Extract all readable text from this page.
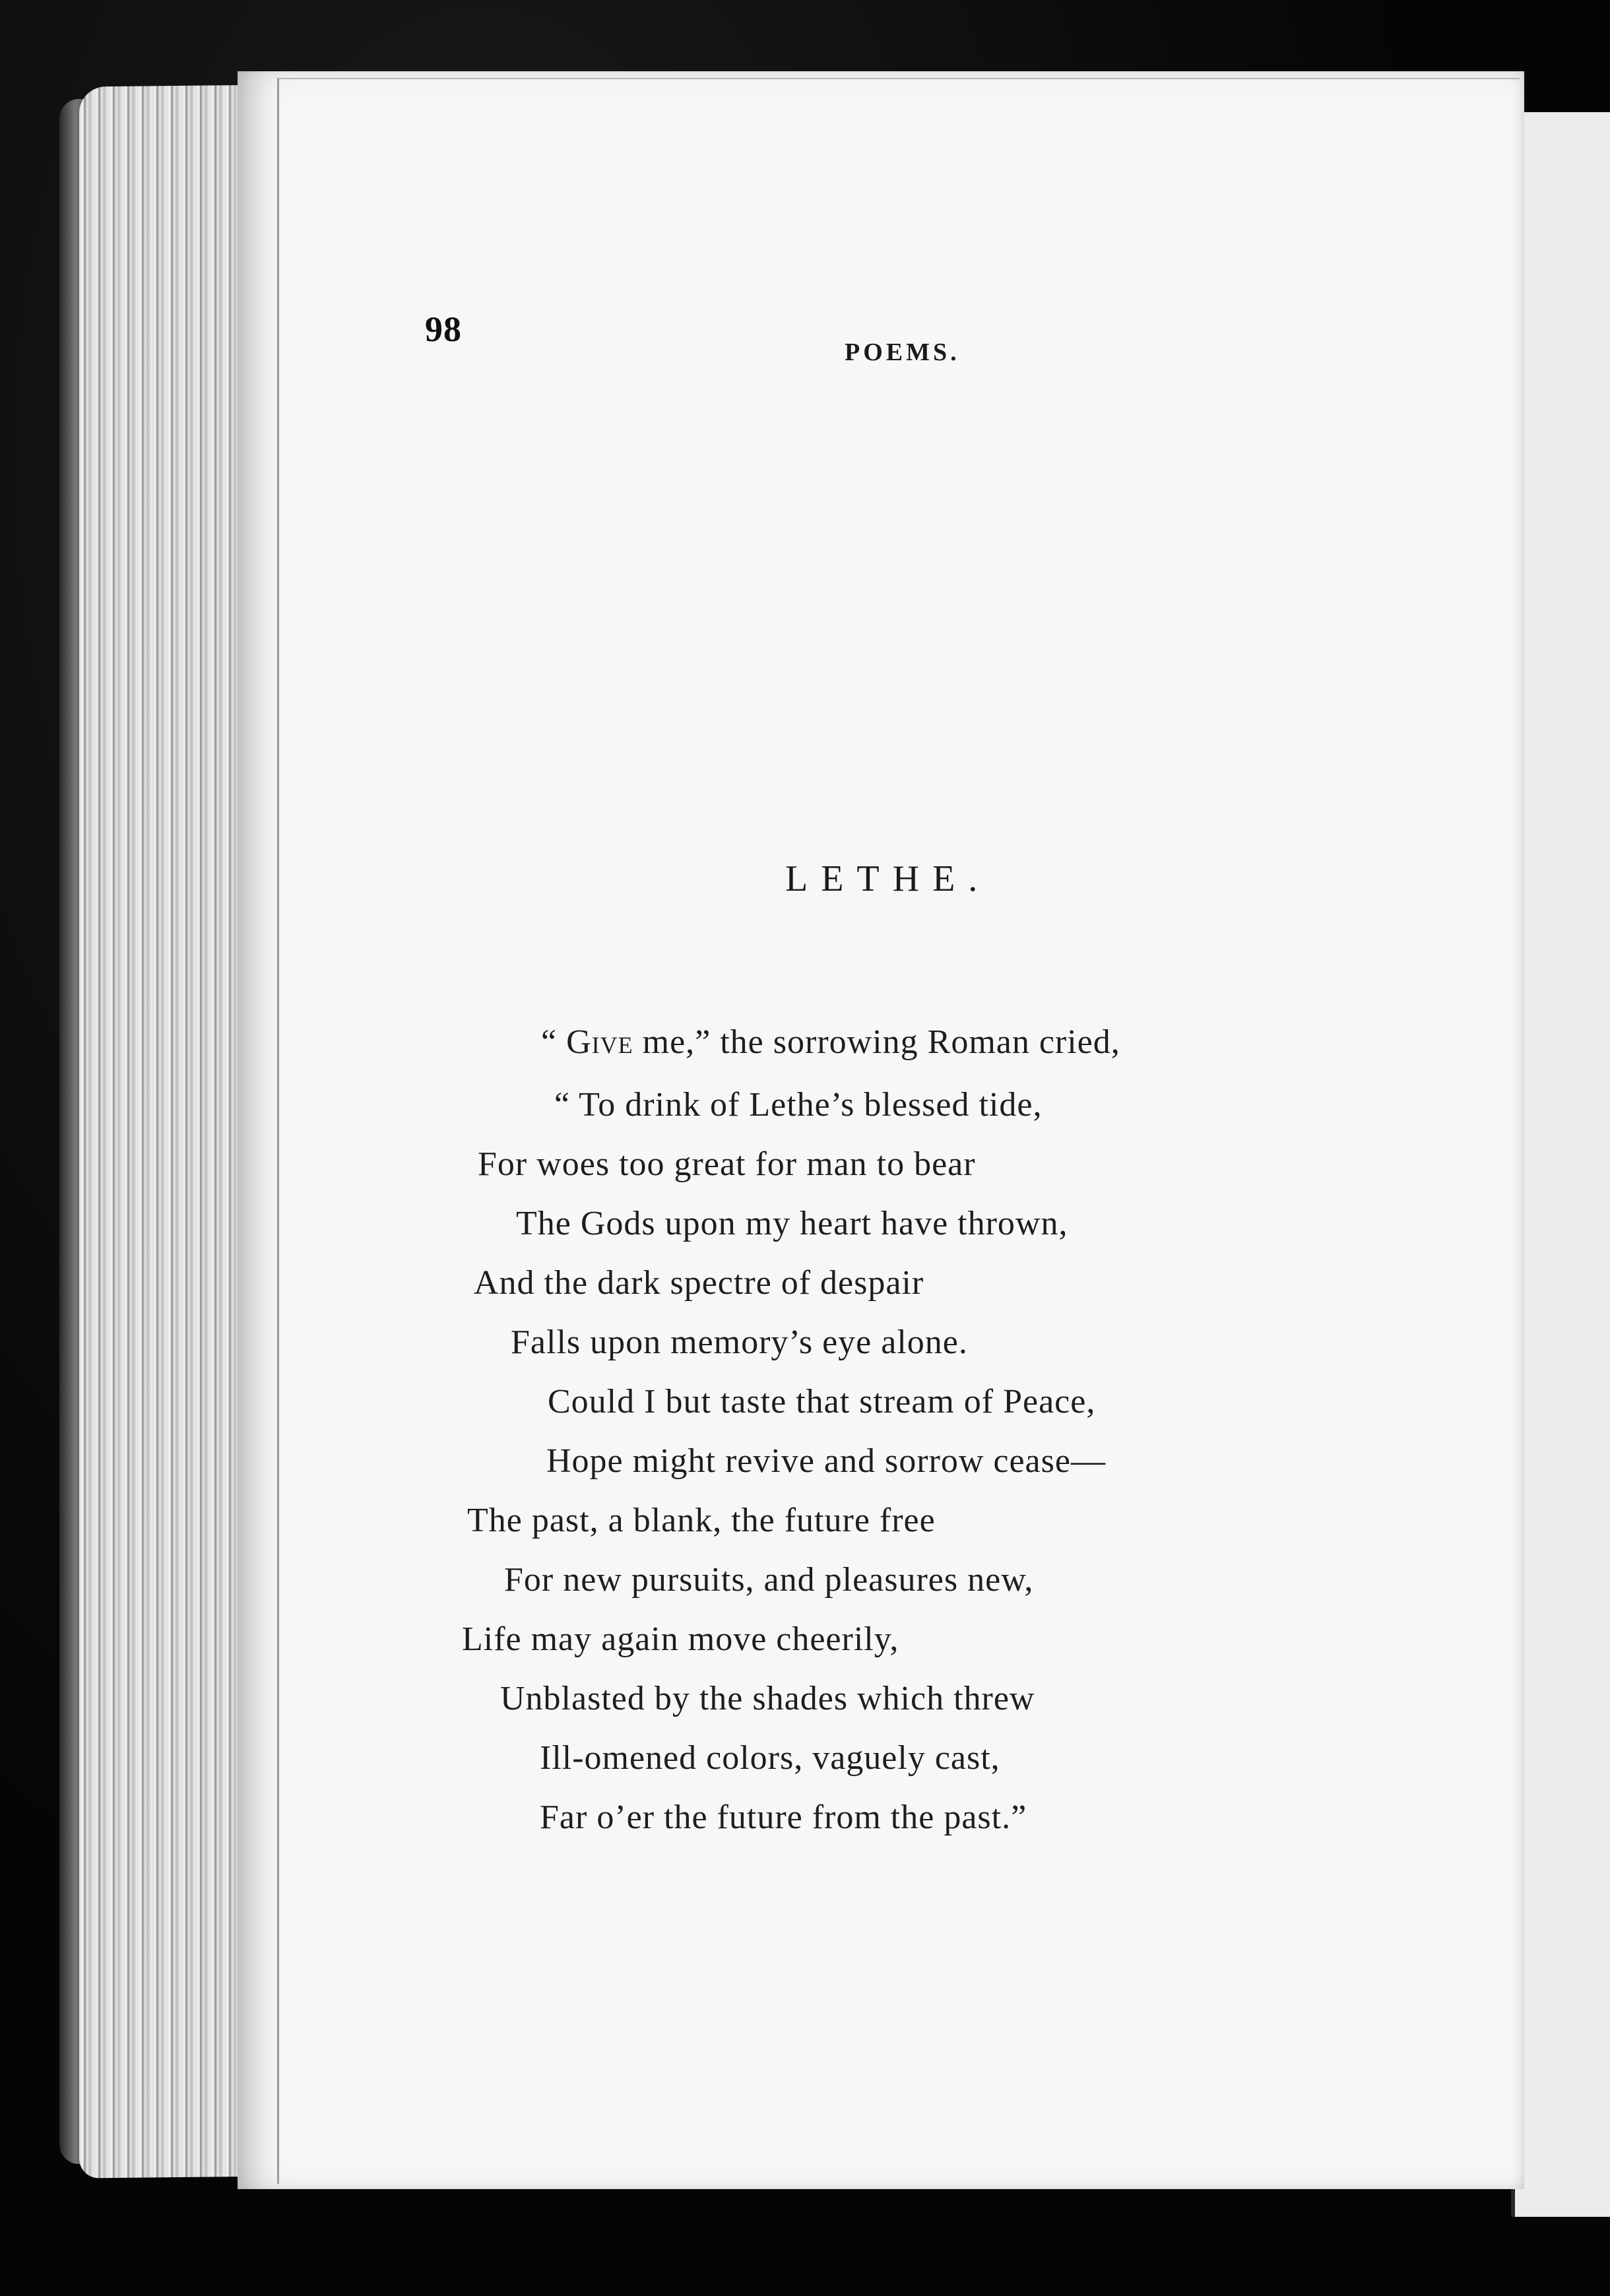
98
POEMS.
LETHE.
“ Give me,” the sorrowing Roman cried,
“ To drink of Lethe’s blessed tide,
For woes too great for man to bear
The Gods upon my heart have thrown,
And the dark spectre of despair
Falls upon memory’s eye alone.
Could I but taste that stream of Peace,
Hope might revive and sorrow cease—
The past, a blank, the future free
For new pursuits, and pleasures new,
Life may again move cheerily,
Unblasted by the shades which threw
Ill-omened colors, vaguely cast,
Far o’er the future from the past.”
